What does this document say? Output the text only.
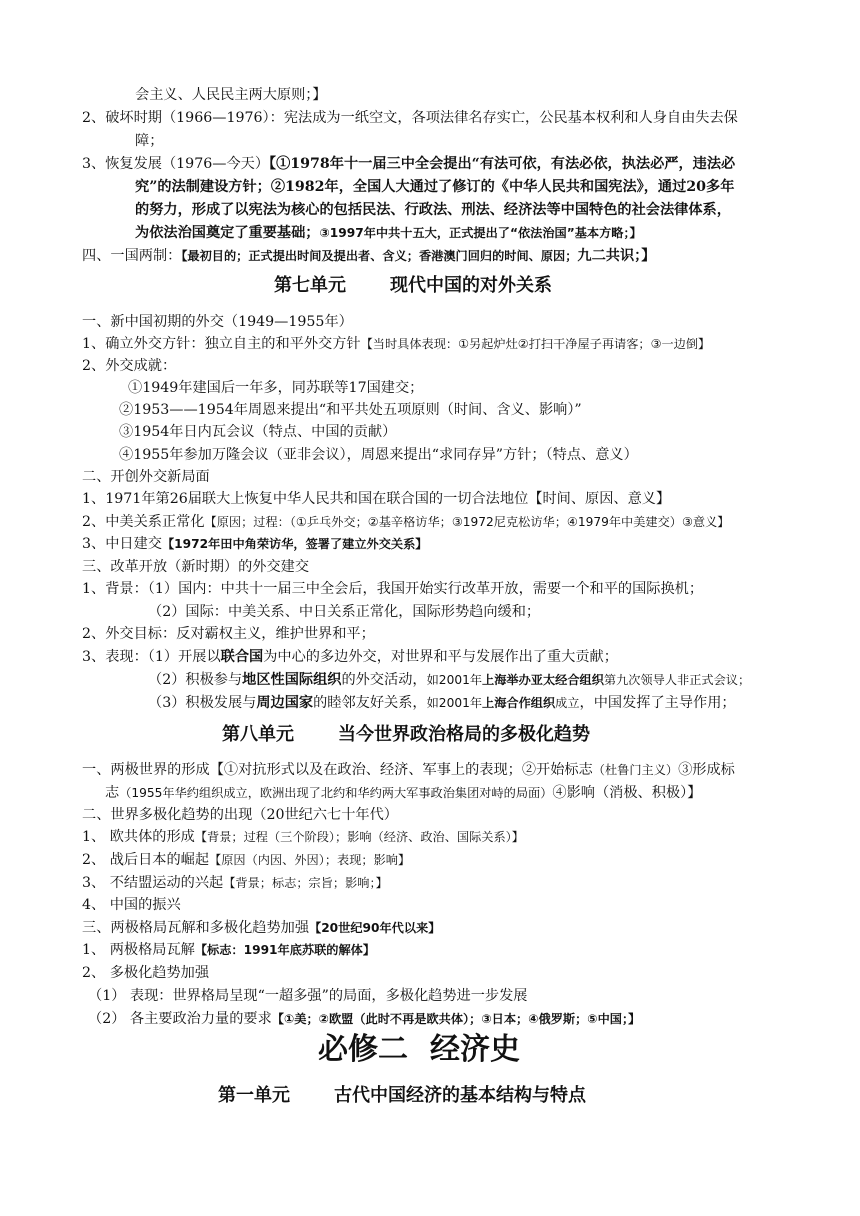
会主义、人民民主两大原则；】
2、破坏时期（1966—1976）：宪法成为一纸空文，各项法律名存实亡，公民基本权利和人身自由失去保
障；
3、恢复发展（1976—今天）【①1978年十一届三中全会提出“有法可依，有法必依，执法必严，违法必
究”的法制建设方针；②1982年，全国人大通过了修订的《中华人民共和国宪法》，通过20多年
的努力，形成了以宪法为核心的包括民法、行政法、刑法、经济法等中国特色的社会法律体系，
为依法治国奠定了重要基础；③1997年中共十五大，正式提出了“依法治国”基本方略；】
四、一国两制：【最初目的；正式提出时间及提出者、含义；香港澳门回归的时间、原因；九二共识；】
第七单元 现代中国的对外关系
一、新中国初期的外交（1949—1955年）
1、确立外交方针：独立自主的和平外交方针【当时具体表现：①另起炉灶②打扫干净屋子再请客；③一边倒】
2、外交成就：
①1949年建国后一年多，同苏联等17国建交；
②1953——1954年周恩来提出“和平共处五项原则（时间、含义、影响）”
③1954年日内瓦会议（特点、中国的贡献）
④1955年参加万隆会议（亚非会议），周恩来提出“求同存异”方针；（特点、意义）
二、开创外交新局面
1、1971年第26届联大上恢复中华人民共和国在联合国的一切合法地位【时间、原因、意义】
2、中美关系正常化【原因；过程：（①乒乓外交；②基辛格访华；③1972尼克松访华；④1979年中美建交）③意义】
3、中日建交【1972年田中角荣访华，签署了建立外交关系】
三、改革开放（新时期）的外交建交
1、背景：（1）国内：中共十一届三中全会后，我国开始实行改革开放，需要一个和平的国际换机；
（2）国际：中美关系、中日关系正常化，国际形势趋向缓和；
2、外交目标：反对霸权主义，维护世界和平；
3、表现：（1）开展以联合国为中心的多边外交，对世界和平与发展作出了重大贡献；
（2）积极参与地区性国际组织的外交活动，如2001年上海举办亚太经合组织第九次领导人非正式会议；
（3）积极发展与周边国家的睦邻友好关系，如2001年上海合作组织成立，中国发挥了主导作用；
第八单元 当今世界政治格局的多极化趋势
一、两极世界的形成【①对抗形式以及在政治、经济、军事上的表现；②开始标志（杜鲁门主义）③形成标
志（1955年华约组织成立，欧洲出现了北约和华约两大军事政治集团对峙的局面）④影响（消极、积极）】
二、世界多极化趋势的出现（20世纪六七十年代）
1、 欧共体的形成【背景；过程（三个阶段）；影响（经济、政治、国际关系）】
2、 战后日本的崛起【原因（内因、外因）；表现；影响】
3、 不结盟运动的兴起【背景；标志；宗旨；影响；】
4、 中国的振兴
三、两极格局瓦解和多极化趋势加强【20世纪90年代以来】
1、 两极格局瓦解【标志：1991年底苏联的解体】
2、 多极化趋势加强
（1） 表现：世界格局呈现“一超多强”的局面，多极化趋势进一步发展
（2） 各主要政治力量的要求【①美；②欧盟（此时不再是欧共体）；③日本；④俄罗斯；⑤中国；】
必修二 经济史
第一单元 古代中国经济的基本结构与特点
